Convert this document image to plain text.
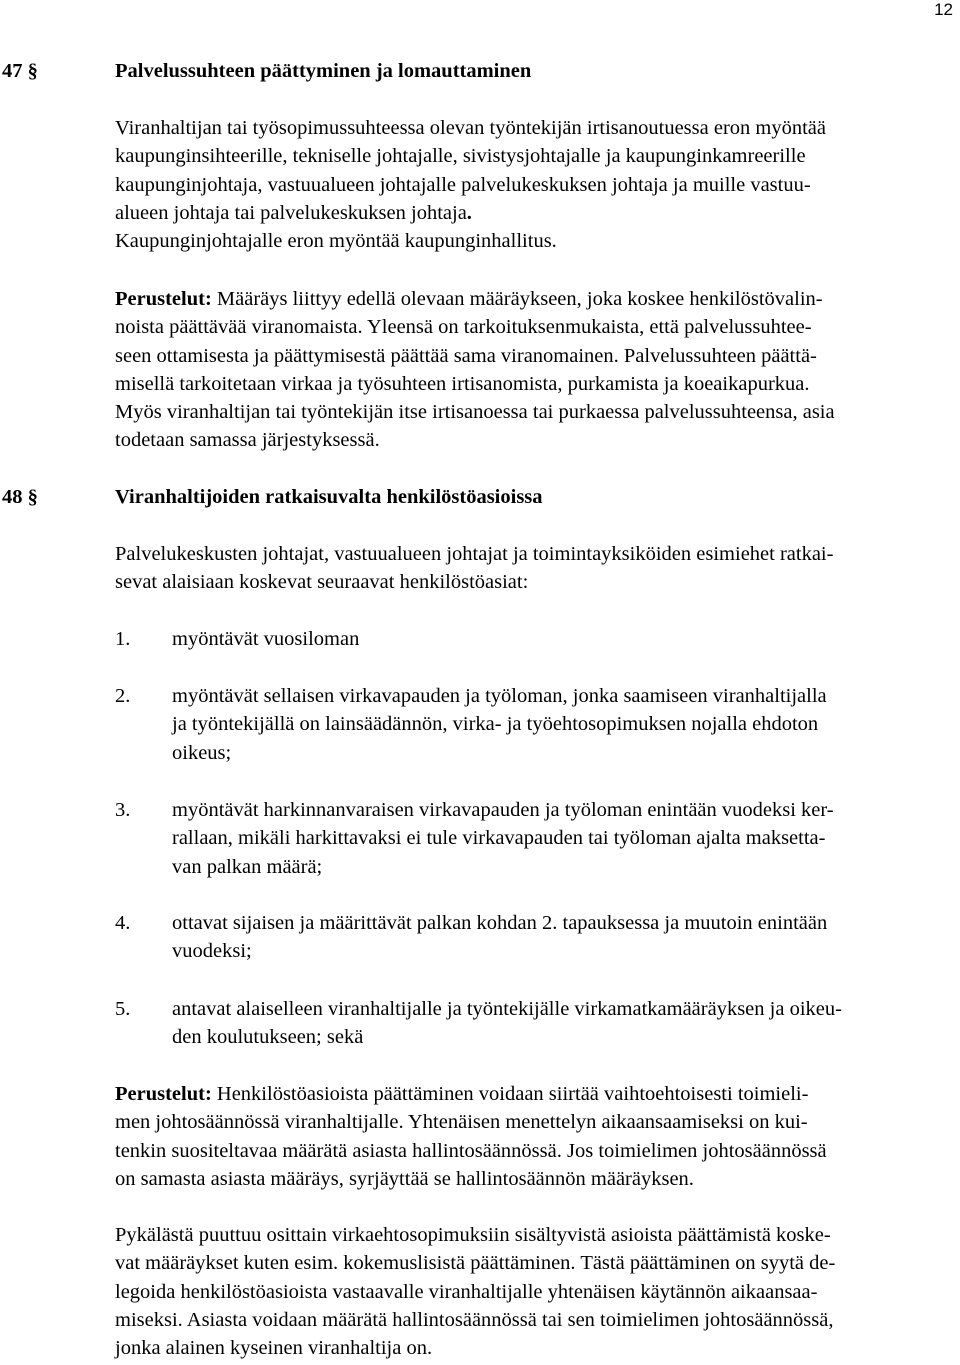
12
47 §	Palvelussuhteen päättyminen ja lomauttaminen
Viranhaltijan tai työsopimussuhteessa olevan työntekijän irtisanoutuessa eron myöntää
kaupunginsihteerille, tekniselle johtajalle, sivistysjohtajalle ja kaupunginkamreerille
kaupunginjohtaja, vastuualueen johtajalle palvelukeskuksen johtaja ja muille vastuu-
alueen johtaja tai palvelukeskuksen johtaja.
Kaupunginjohtajalle eron myöntää kaupunginhallitus.
Perustelut: Määräys liittyy edellä olevaan määräykseen, joka koskee henkilöstövalin-
noista päättävää viranomaista. Yleensä on tarkoituksenmukaista, että palvelussuhtee-
seen ottamisesta ja päättymisestä päättää sama viranomainen. Palvelussuhteen päättä-
misellä tarkoitetaan virkaa ja työsuhteen irtisanomista, purkamista ja koeaikapurkua.
Myös viranhaltijan tai työntekijän itse irtisanoessa tai purkaessa palvelussuhteensa, asia
todetaan samassa järjestyksessä.
48 §	Viranhaltijoiden ratkaisuvalta henkilöstöasioissa
Palvelukeskusten johtajat, vastuualueen johtajat ja toimintayksiköiden esimiehet ratkai-
sevat alaisiaan koskevat seuraavat henkilöstöasiat:
1. myöntävät vuosiloman
2. myöntävät sellaisen virkavapauden ja työloman, jonka saamiseen viranhaltijalla
ja työntekijällä on lainsäädännön, virka- ja työehtosopimuksen nojalla ehdoton
oikeus;
3. myöntävät harkinnanvaraisen virkavapauden ja työloman enintään vuodeksi ker-
rallaan, mikäli harkittavaksi ei tule virkavapauden tai työloman ajalta maksetta-
van palkan määrä;
4. ottavat sijaisen ja määrittävät palkan kohdan 2. tapauksessa ja muutoin enintään
vuodeksi;
5. antavat alaiselleen viranhaltijalle ja työntekijälle virkamatkamääräyksen ja oikeu-
den koulutukseen; sekä
Perustelut: Henkilöstöasioista päättäminen voidaan siirtää vaihtoehtoisesti toimieli-
men johtosäännössä viranhaltijalle. Yhtenäisen menettelyn aikaansaamiseksi on kui-
tenkin suositeltavaa määrätä asiasta hallintosäännössä. Jos toimielimen johtosäännössä
on samasta asiasta määräys, syrjäyttää se hallintosäännön määräyksen.
Pykälästä puuttuu osittain virkaehtosopimuksiin sisältyvistä asioista päättämistä koske-
vat määräykset kuten esim. kokemuslisistä päättäminen. Tästä päättäminen on syytä de-
legoida henkilöstöasioista vastaavalle viranhaltijalle yhtenäisen käytännön aikaansaa-
miseksi. Asiasta voidaan määrätä hallintosäännössä tai sen toimielimen johtosäännössä,
jonka alainen kyseinen viranhaltija on.
